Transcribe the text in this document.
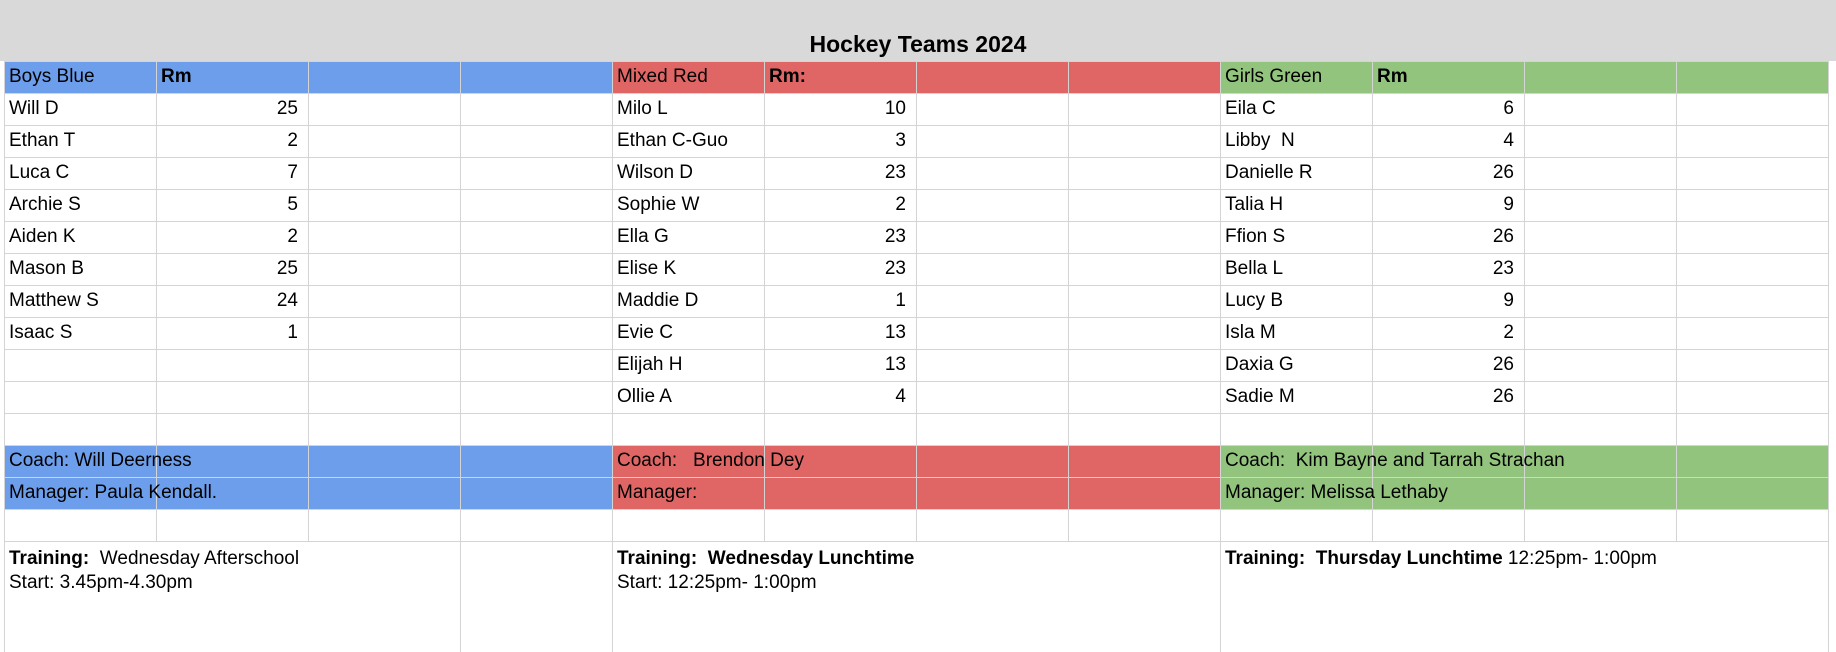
Hockey Teams 2024
Boys Blue	Rm
Will D	25
Ethan T	2
Luca C	7
Archie S	5
Aiden K	2
Mason B	25
Matthew S	24
Isaac S	1
Coach: Will Deerness
Manager: Paula Kendall.
Training:  Wednesday Afterschool
Start: 3.45pm-4.30pm
Mixed Red	Rm:
Milo L	10
Ethan C-Guo	3
Wilson D	23
Sophie W	2
Ella G	23
Elise K	23
Maddie D	1
Evie C	13
Elijah H	13
Ollie A	4
Coach:   Brendon Dey
Manager:
Training:  Wednesday Lunchtime
Start: 12:25pm- 1:00pm
Girls Green	Rm
Eila C	6
Libby  N	4
Danielle R	26
Talia H	9
Ffion S	26
Bella L	23
Lucy B	9
Isla M	2
Daxia G	26
Sadie M	26
Coach:  Kim Bayne and Tarrah Strachan
Manager: Melissa Lethaby
Training:  Thursday Lunchtime 12:25pm- 1:00pm
